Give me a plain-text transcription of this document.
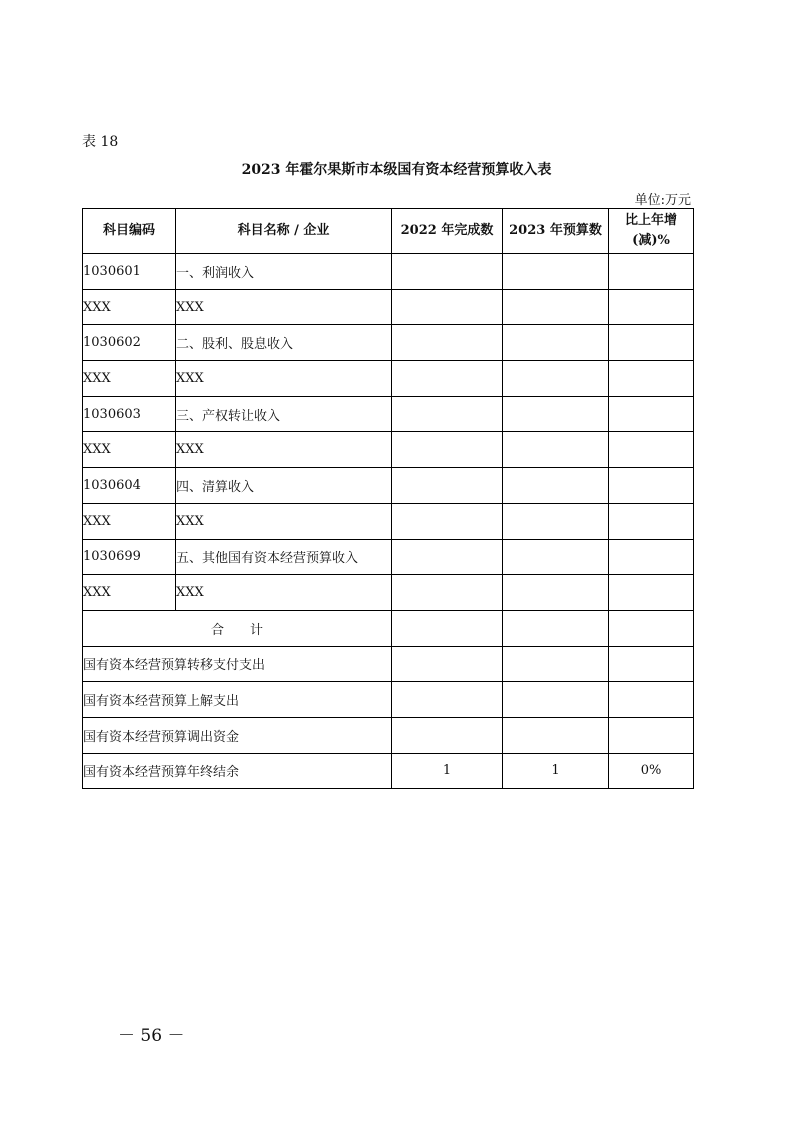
表 18
2023 年霍尔果斯市本级国有资本经营预算收入表
单位:万元
科目编码	科目名称 / 企业	2022 年完成数	2023 年预算数	比上年增
(减)%

1030601	一、利润收入			
XXX	XXX			
1030602	二、股利、股息收入			
XXX	XXX			
1030603	三、产权转让收入			
XXX	XXX			
1030604	四、清算收入			
XXX	XXX			
1030699	五、其他国有资本经营预算收入			
XXX	XXX			
合　　计				
国有资本经营预算转移支付支出				
国有资本经营预算上解支出				
国有资本经营预算调出资金				
国有资本经营预算年终结余		1	1	0%
－ 56 －
